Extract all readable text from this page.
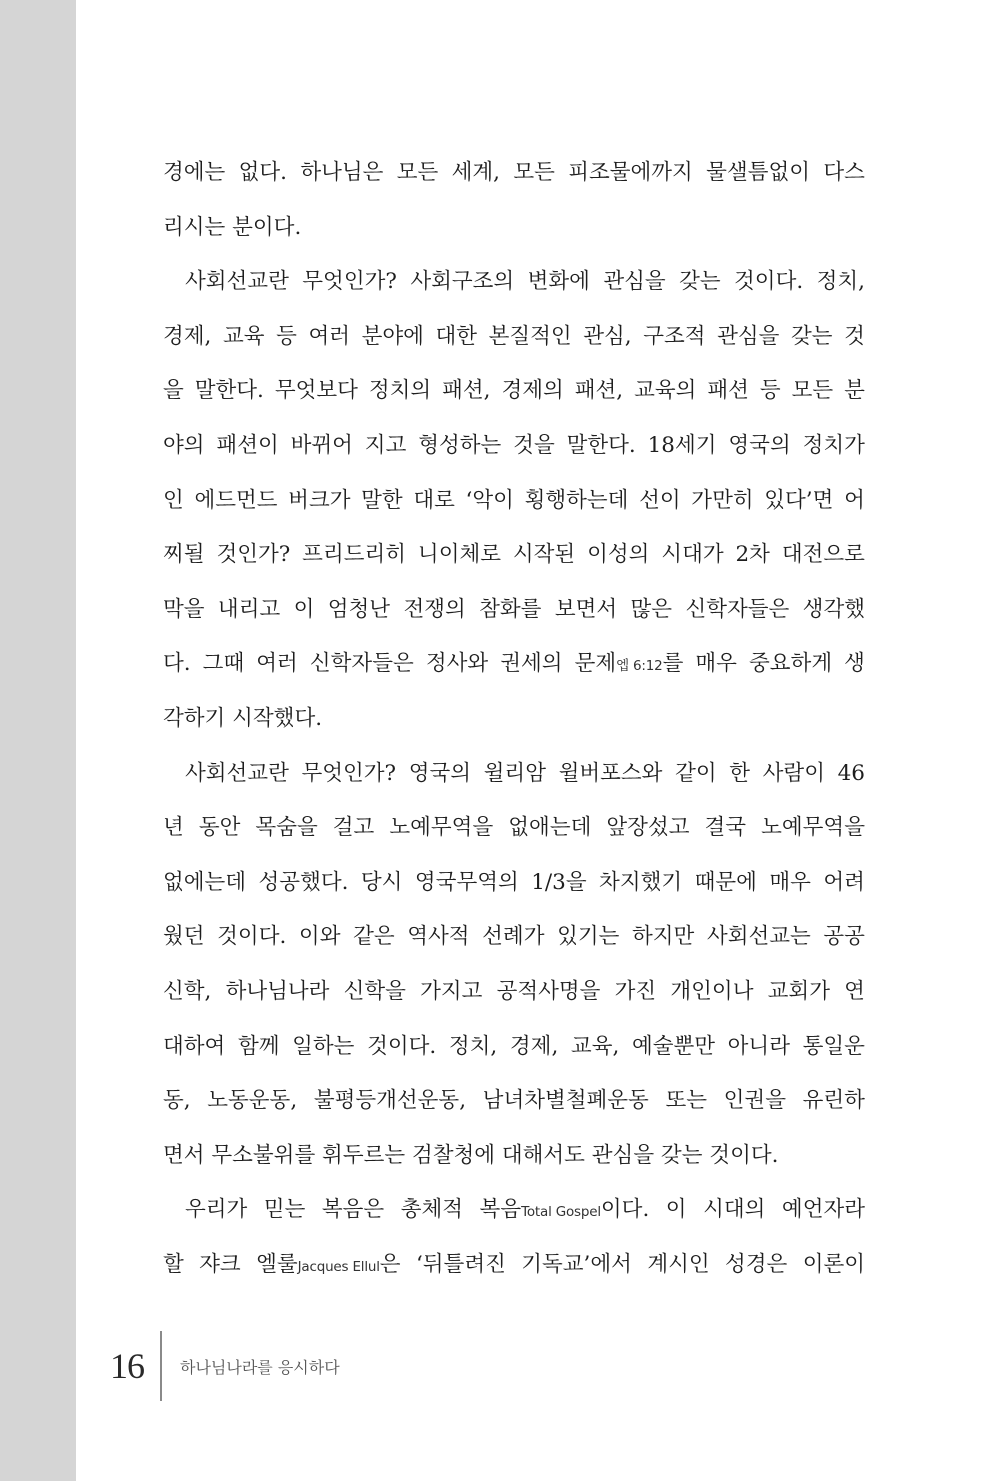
경에는 없다. 하나님은 모든 세계, 모든 피조물에까지 물샐틈없이 다스
리시는 분이다.
사회선교란 무엇인가? 사회구조의 변화에 관심을 갖는 것이다. 정치,
경제, 교육 등 여러 분야에 대한 본질적인 관심, 구조적 관심을 갖는 것
을 말한다. 무엇보다 정치의 패션, 경제의 패션, 교육의 패션 등 모든 분
야의 패션이 바뀌어 지고 형성하는 것을 말한다. 18세기 영국의 정치가
인 에드먼드 버크가 말한 대로 ‘악이 횡행하는데 선이 가만히 있다’면 어
찌될 것인가? 프리드리히 니이체로 시작된 이성의 시대가 2차 대전으로
막을 내리고 이 엄청난 전쟁의 참화를 보면서 많은 신학자들은 생각했
다. 그때 여러 신학자들은 정사와 권세의 문제엡 6:12를 매우 중요하게 생
각하기 시작했다.
사회선교란 무엇인가? 영국의 윌리암 윌버포스와 같이 한 사람이 46
년 동안 목숨을 걸고 노예무역을 없애는데 앞장섰고 결국 노예무역을
없에는데 성공했다. 당시 영국무역의 1/3을 차지했기 때문에 매우 어려
웠던 것이다. 이와 같은 역사적 선례가 있기는 하지만 사회선교는 공공
신학, 하나님나라 신학을 가지고 공적사명을 가진 개인이나 교회가 연
대하여 함께 일하는 것이다. 정치, 경제, 교육, 예술뿐만 아니라 통일운
동, 노동운동, 불평등개선운동, 남녀차별철폐운동 또는 인권을 유린하
면서 무소불위를 휘두르는 검찰청에 대해서도 관심을 갖는 것이다.
우리가 믿는 복음은 총체적 복음Total Gospel이다. 이 시대의 예언자라
할 쟈크 엘룰Jacques Ellul은 ‘뒤틀려진 기독교’에서 계시인 성경은 이론이
16 하나님나라를 응시하다
